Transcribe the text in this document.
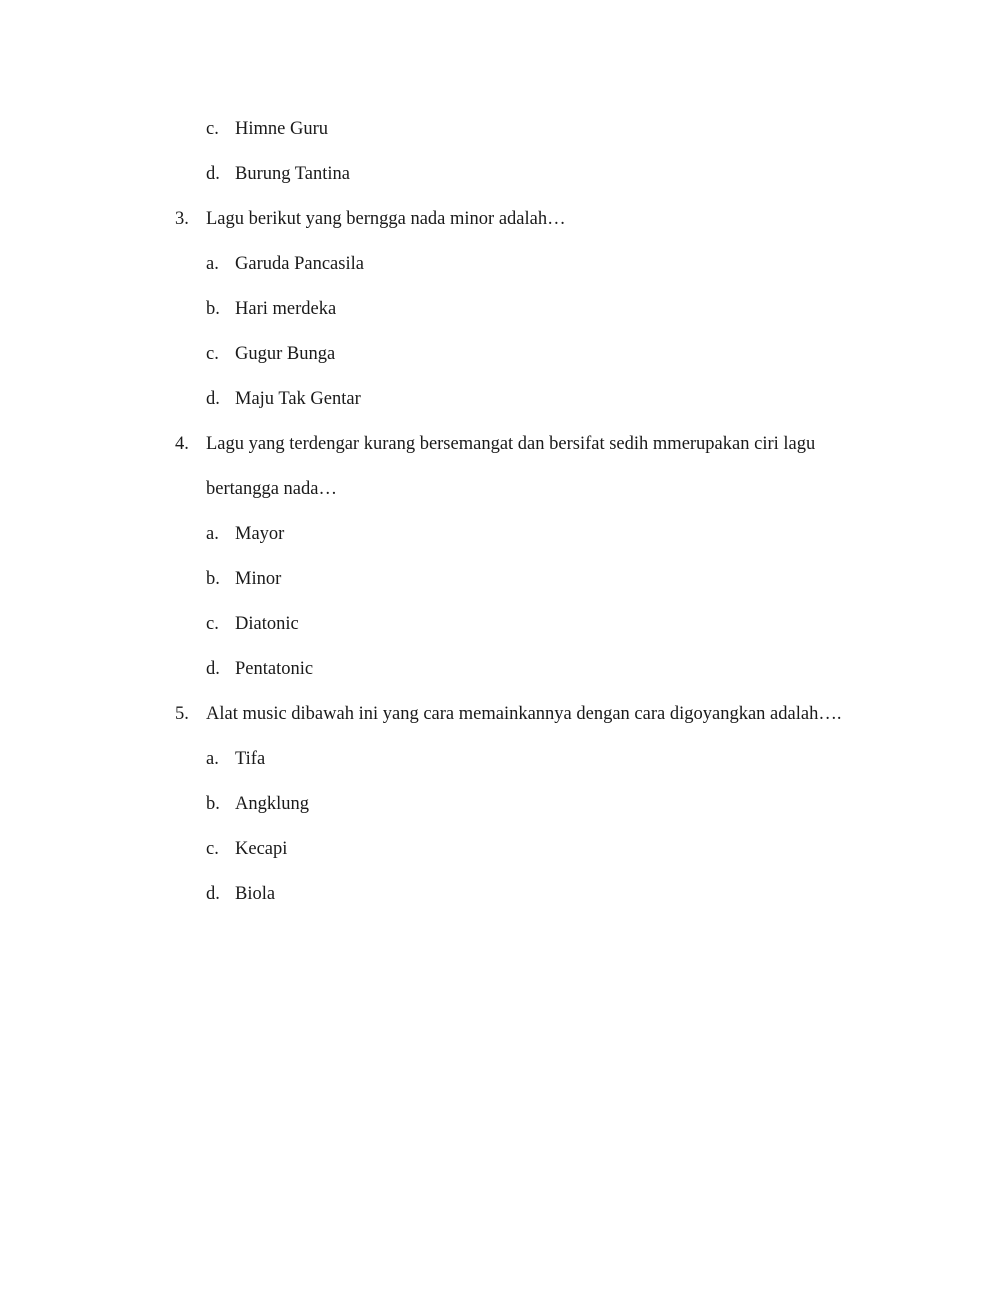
c. Himne Guru
d. Burung Tantina
3. Lagu berikut yang berngga nada minor adalah…
a. Garuda Pancasila
b. Hari merdeka
c. Gugur Bunga
d. Maju Tak Gentar
4. Lagu yang terdengar kurang bersemangat dan bersifat sedih mmerupakan ciri lagu
bertangga nada…
a. Mayor
b. Minor
c. Diatonic
d. Pentatonic
5. Alat music dibawah ini yang cara memainkannya dengan cara digoyangkan adalah….
a. Tifa
b. Angklung
c. Kecapi
d. Biola
